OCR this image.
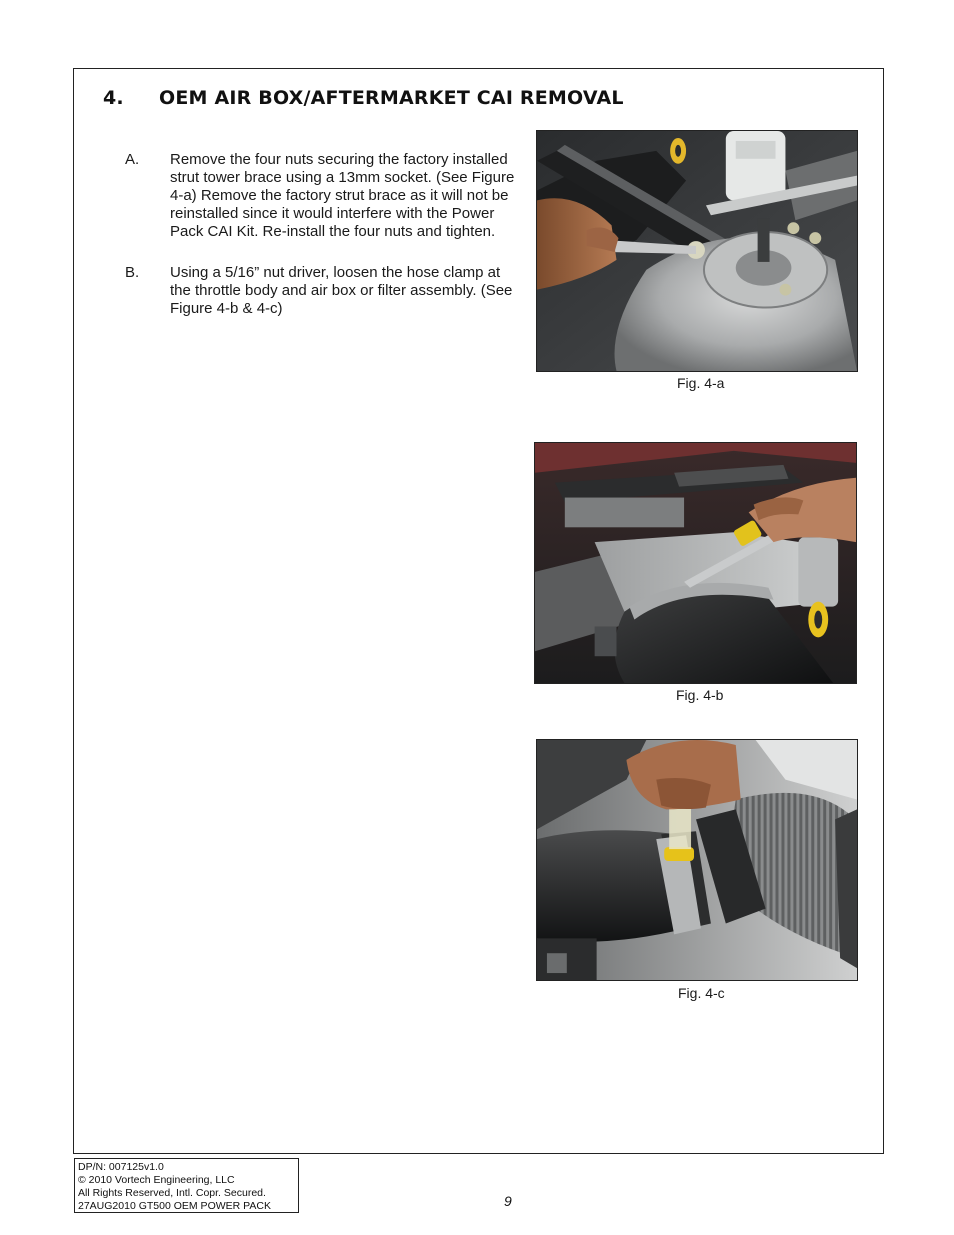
4.	OEM AIR BOX/AFTERMARKET CAI REMOVAL
A. Remove the four nuts securing the factory installed strut tower brace using a 13mm socket. (See Figure 4-a) Remove the factory strut brace as it will not be reinstalled since it would interfere with the Power Pack CAI Kit. Re-install the four nuts and tighten.
B. Using a 5/16” nut driver, loosen the hose clamp at the throttle body and air box or filter assembly. (See Figure 4-b & 4-c)
Fig. 4-a
Fig. 4-b
Fig. 4-c
DP/N: 007125v1.0
© 2010 Vortech Engineering, LLC
All Rights Reserved, Intl. Copr. Secured.
27AUG2010 GT500 OEM POWER PACK	9
